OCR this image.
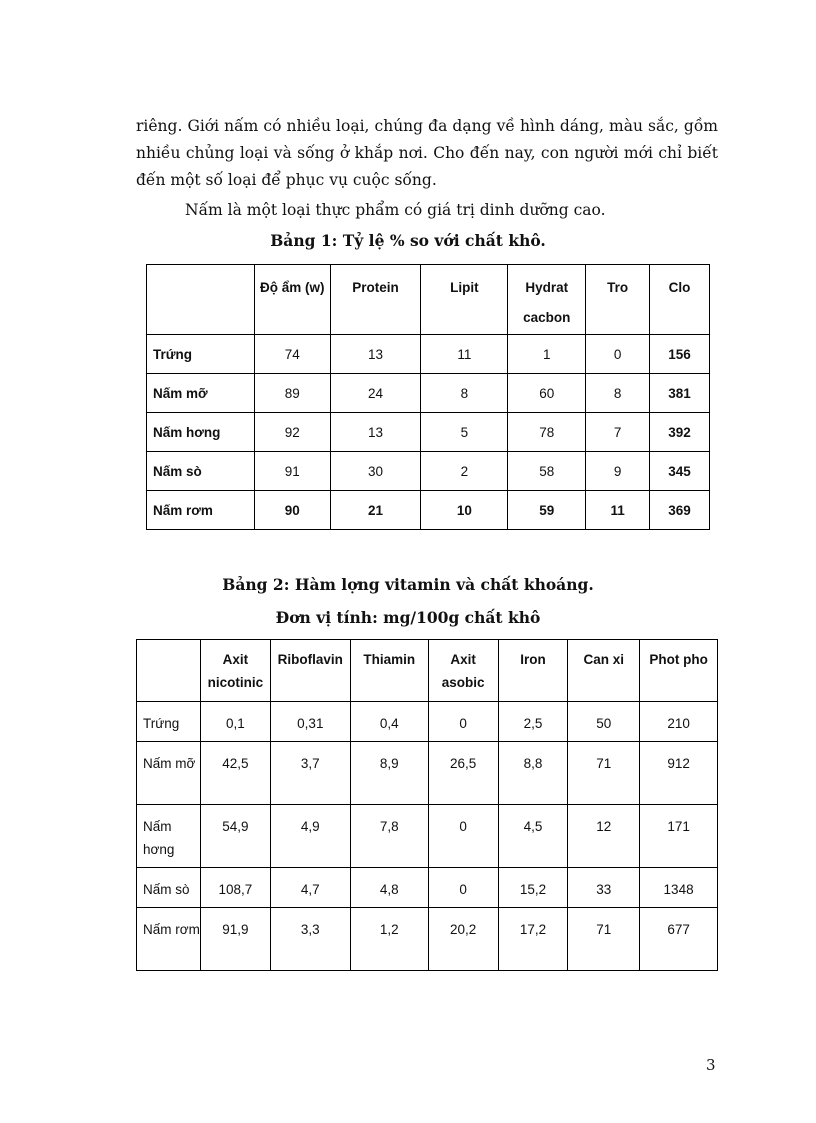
riêng. Giới nấm có nhiều loại, chúng đa dạng về hình dáng, màu sắc, gồm nhiều chủng loại và sống ở khắp nơi. Cho đến nay, con người mới chỉ biết đến một số loại để phục vụ cuộc sống.

Nấm là một loại thực phẩm có giá trị dinh dưỡng cao.

Bảng 1: Tỷ lệ % so với chất khô.

	Độ ẩm (w)	Protein	Lipit	Hydrat cacbon	Tro	Clo
Trứng	74	13	11	1	0	156
Nấm mỡ	89	24	8	60	8	381
Nấm hơng	92	13	5	78	7	392
Nấm sò	91	30	2	58	9	345
Nấm rơm	90	21	10	59	11	369

Bảng 2: Hàm lợng vitamin và chất khoáng.

Đơn vị tính: mg/100g chất khô

	Axit nicotinic	Riboflavin	Thiamin	Axit asobic	Iron	Can xi	Phot pho
Trứng	0,1	0,31	0,4	0	2,5	50	210
Nấm mỡ	42,5	3,7	8,9	26,5	8,8	71	912
Nấm hơng	54,9	4,9	7,8	0	4,5	12	171
Nấm sò	108,7	4,7	4,8	0	15,2	33	1348
Nấm rơm	91,9	3,3	1,2	20,2	17,2	71	677
3
